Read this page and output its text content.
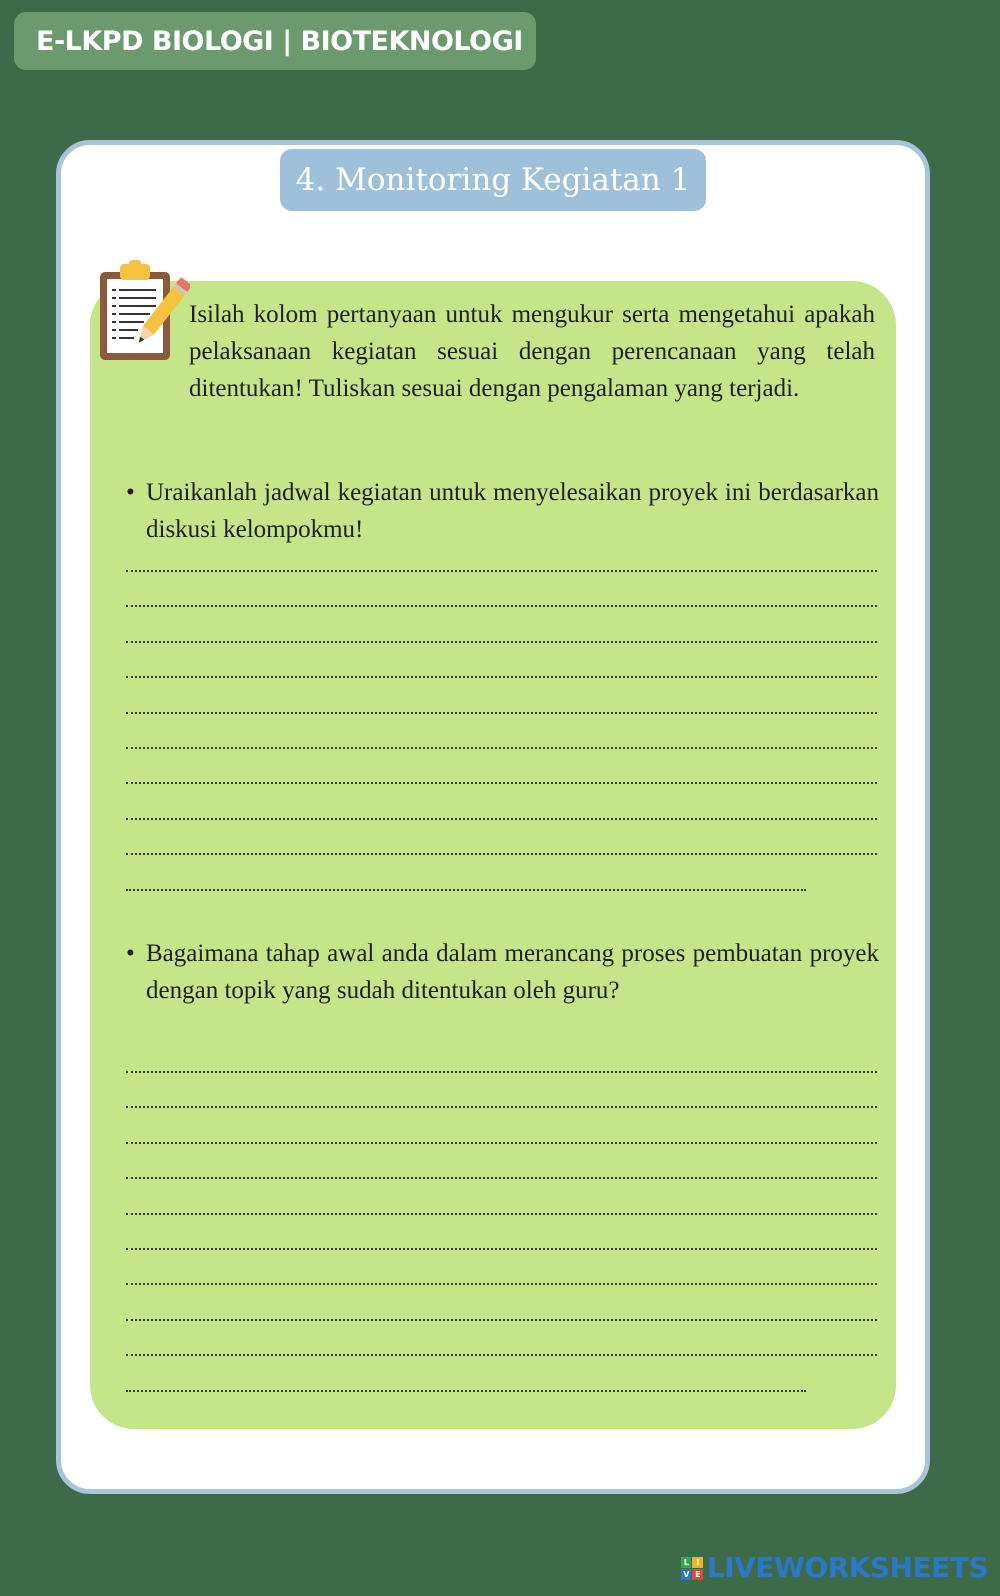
E-LKPD BIOLOGI | BIOTEKNOLOGI
4. Monitoring Kegiatan 1

Isilah kolom pertanyaan untuk mengukur serta mengetahui apakah pelaksanaan kegiatan sesuai dengan perencanaan yang telah ditentukan! Tuliskan sesuai dengan pengalaman yang terjadi.

• Uraikanlah jadwal kegiatan untuk menyelesaikan proyek ini berdasarkan diskusi kelompokmu!
• Bagaimana tahap awal anda dalam merancang proses pembuatan proyek dengan topik yang sudah ditentukan oleh guru?
L I
V E LIVEWORKSHEETS
